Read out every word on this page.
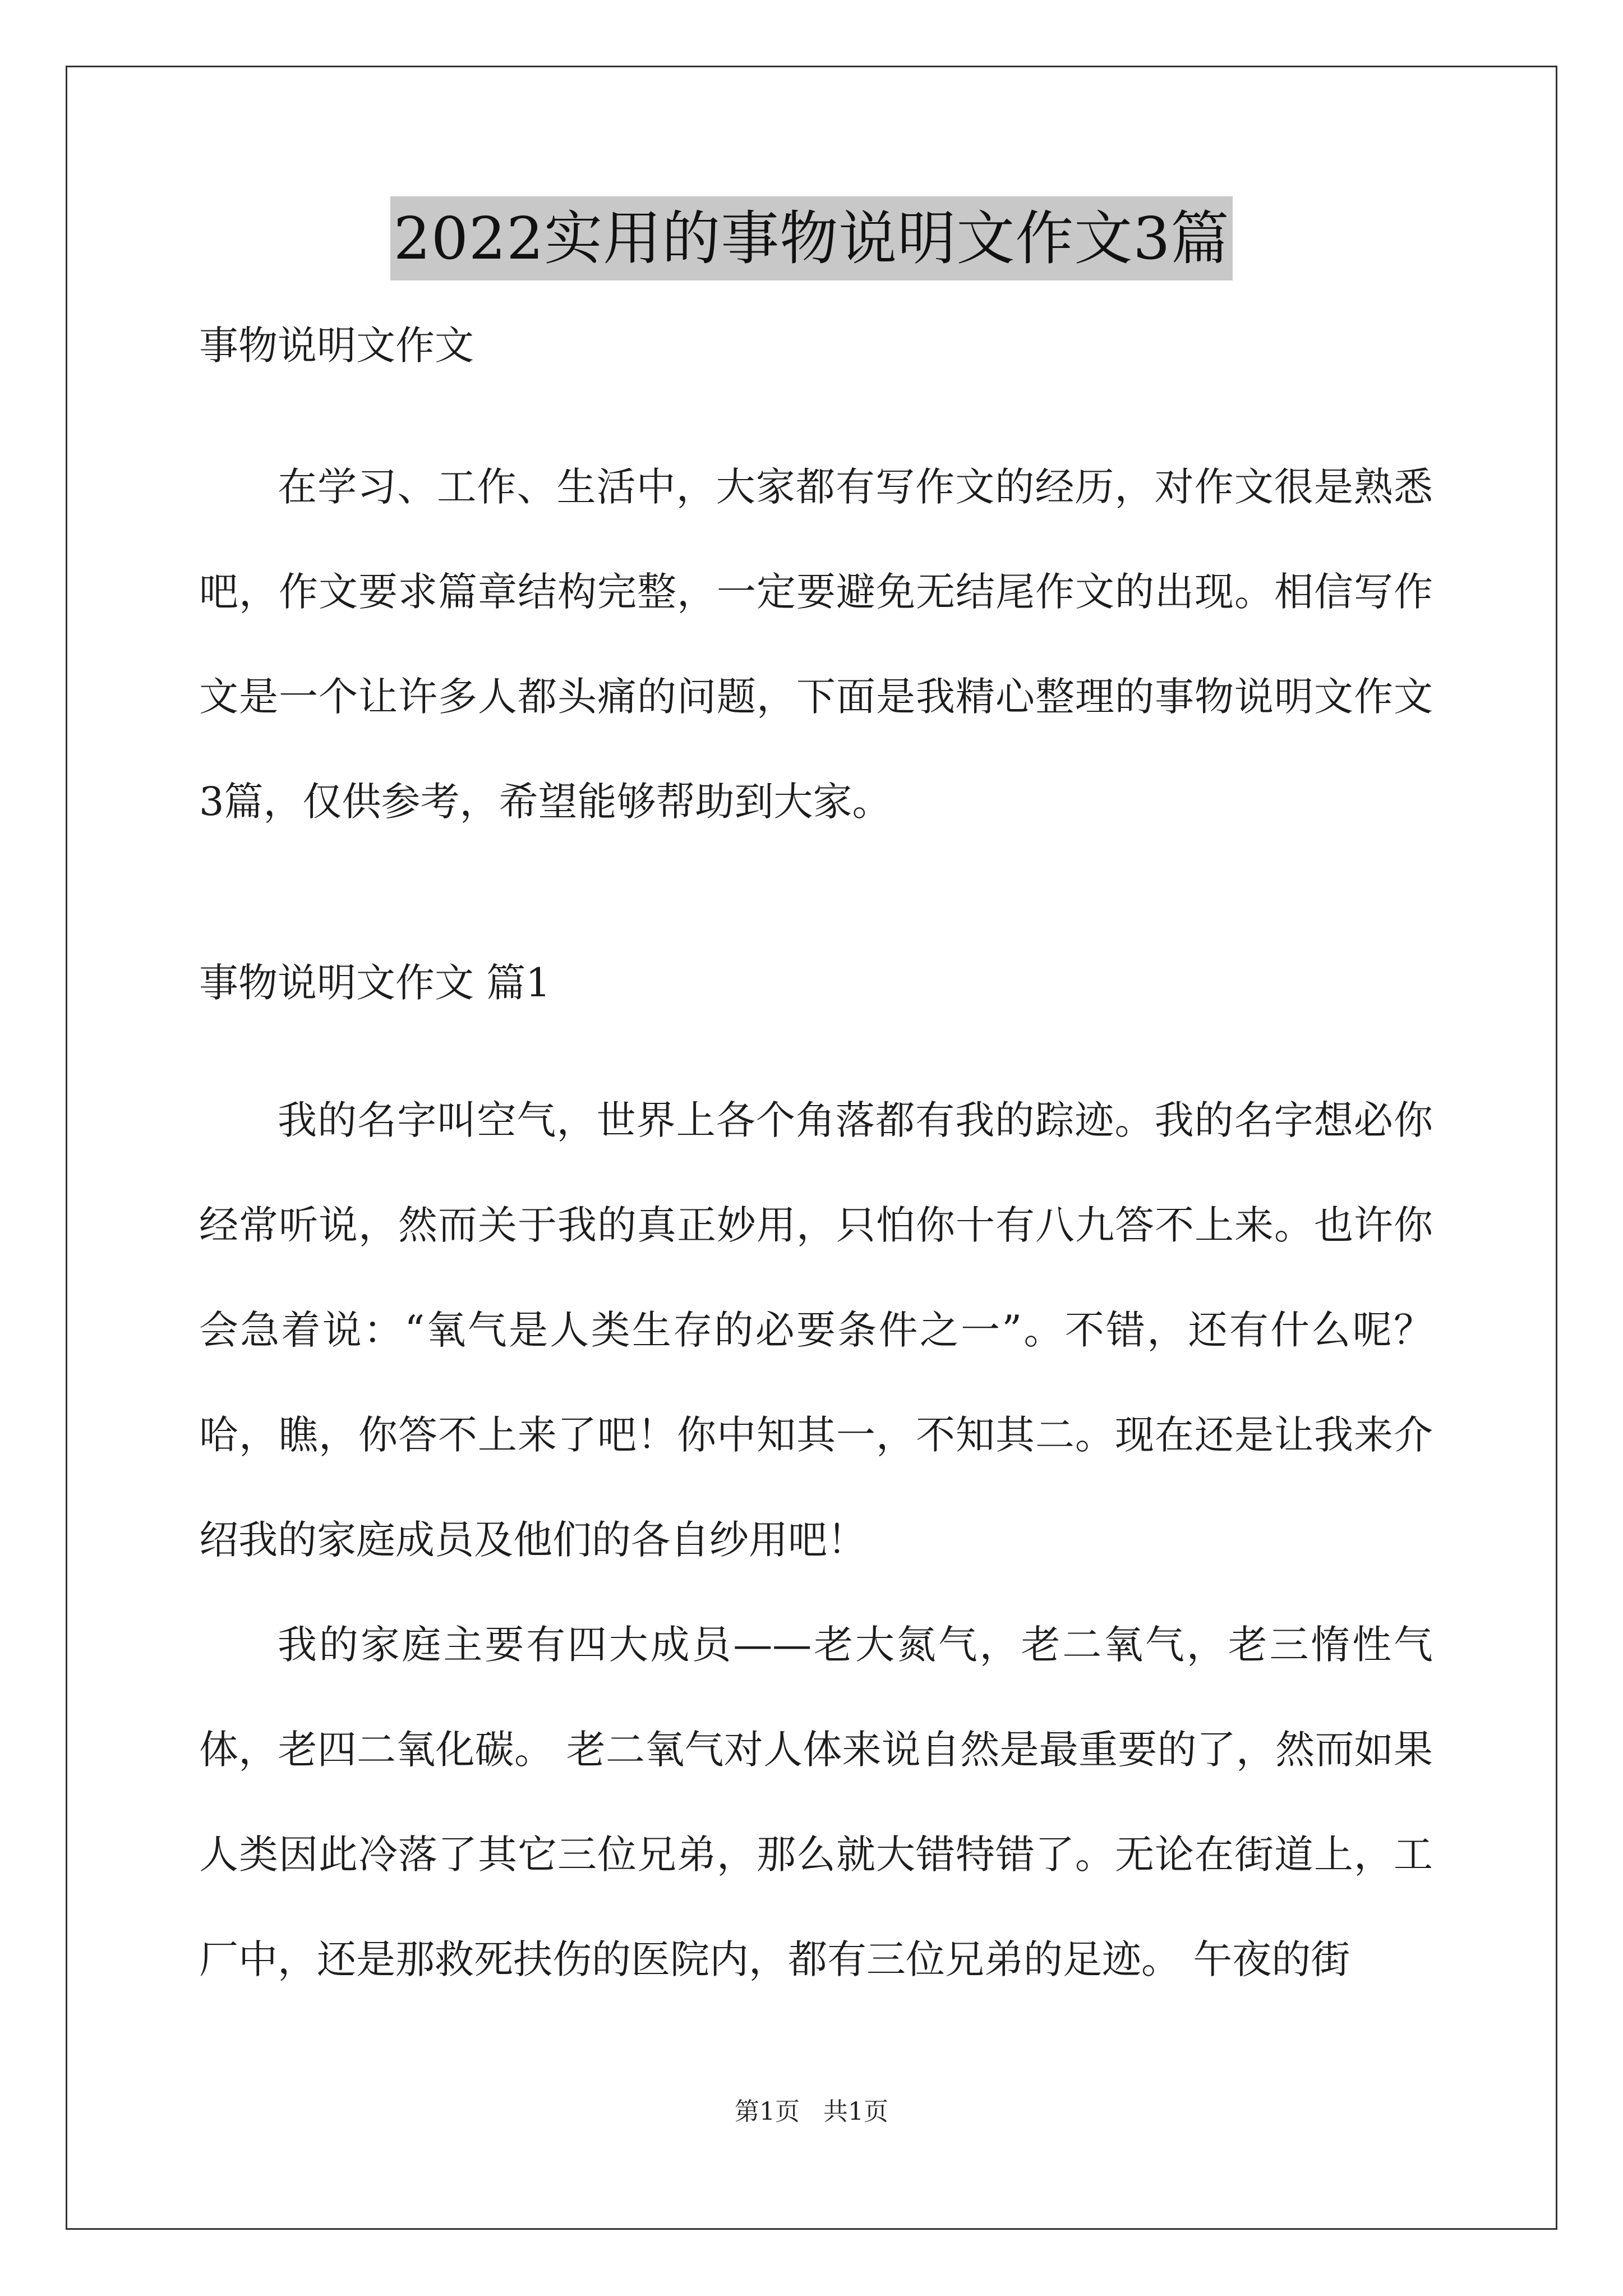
2022实用的事物说明文作文3篇
事物说明文作文

在学习、工作、生活中，大家都有写作文的经历，对作文很是熟悉吧，作文要求篇章结构完整，一定要避免无结尾作文的出现。相信写作文是一个让许多人都头痛的问题，下面是我精心整理的事物说明文作文3篇，仅供参考，希望能够帮助到大家。

事物说明文作文 篇1

我的名字叫空气，世界上各个角落都有我的踪迹。我的名字想必你经常听说，然而关于我的真正妙用，只怕你十有八九答不上来。也许你会急着说：“氧气是人类生存的必要条件之一”。不错，还有什么呢？哈，瞧，你答不上来了吧！你中知其一，不知其二。现在还是让我来介绍我的家庭成员及他们的各自纱用吧！

我的家庭主要有四大成员——老大氮气，老二氧气，老三惰性气体，老四二氧化碳。 老二氧气对人体来说自然是最重要的了，然而如果人类因此冷落了其它三位兄弟，那么就大错特错了。无论在街道上，工厂中，还是那救死扶伤的医院内，都有三位兄弟的足迹。 午夜的街

第1页 共1页
